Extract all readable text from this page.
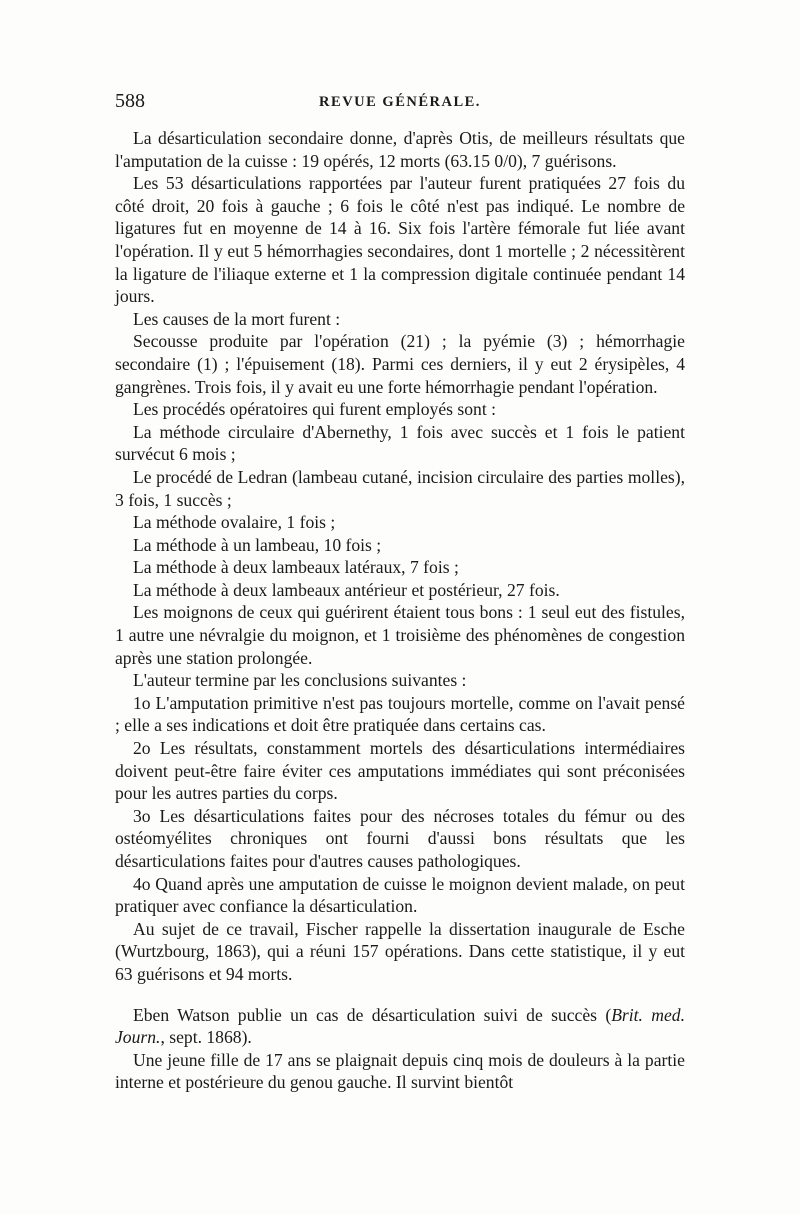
588	REVUE GÉNÉRALE.

La désarticulation secondaire donne, d'après Otis, de meilleurs résultats que l'amputation de la cuisse : 19 opérés, 12 morts (63.15 0/0), 7 guérisons.

Les 53 désarticulations rapportées par l'auteur furent pratiquées 27 fois du côté droit, 20 fois à gauche ; 6 fois le côté n'est pas indiqué. Le nombre de ligatures fut en moyenne de 14 à 16. Six fois l'artère fémorale fut liée avant l'opération. Il y eut 5 hémorrhagies secondaires, dont 1 mortelle ; 2 nécessitèrent la ligature de l'iliaque externe et 1 la compression digitale continuée pendant 14 jours.

Les causes de la mort furent :

Secousse produite par l'opération (21) ; la pyémie (3) ; hémorrhagie secondaire (1) ; l'épuisement (18). Parmi ces derniers, il y eut 2 érysipèles, 4 gangrènes. Trois fois, il y avait eu une forte hémorrhagie pendant l'opération.

Les procédés opératoires qui furent employés sont :

La méthode circulaire d'Abernethy, 1 fois avec succès et 1 fois le patient survécut 6 mois ;

Le procédé de Ledran (lambeau cutané, incision circulaire des parties molles), 3 fois, 1 succès ;

La méthode ovalaire, 1 fois ;

La méthode à un lambeau, 10 fois ;

La méthode à deux lambeaux latéraux, 7 fois ;

La méthode à deux lambeaux antérieur et postérieur, 27 fois.

Les moignons de ceux qui guérirent étaient tous bons : 1 seul eut des fistules, 1 autre une névralgie du moignon, et 1 troisième des phénomènes de congestion après une station prolongée.

L'auteur termine par les conclusions suivantes :

1o L'amputation primitive n'est pas toujours mortelle, comme on l'avait pensé ; elle a ses indications et doit être pratiquée dans certains cas.

2o Les résultats, constamment mortels des désarticulations intermédiaires doivent peut-être faire éviter ces amputations immédiates qui sont préconisées pour les autres parties du corps.

3o Les désarticulations faites pour des nécroses totales du fémur ou des ostéomyélites chroniques ont fourni d'aussi bons résultats que les désarticulations faites pour d'autres causes pathologiques.

4o Quand après une amputation de cuisse le moignon devient malade, on peut pratiquer avec confiance la désarticulation.

Au sujet de ce travail, Fischer rappelle la dissertation inaugurale de Esche (Wurtzbourg, 1863), qui a réuni 157 opérations. Dans cette statistique, il y eut 63 guérisons et 94 morts.

Eben Watson publie un cas de désarticulation suivi de succès (Brit. med. Journ., sept. 1868).

Une jeune fille de 17 ans se plaignait depuis cinq mois de douleurs à la partie interne et postérieure du genou gauche. Il survint bientôt
